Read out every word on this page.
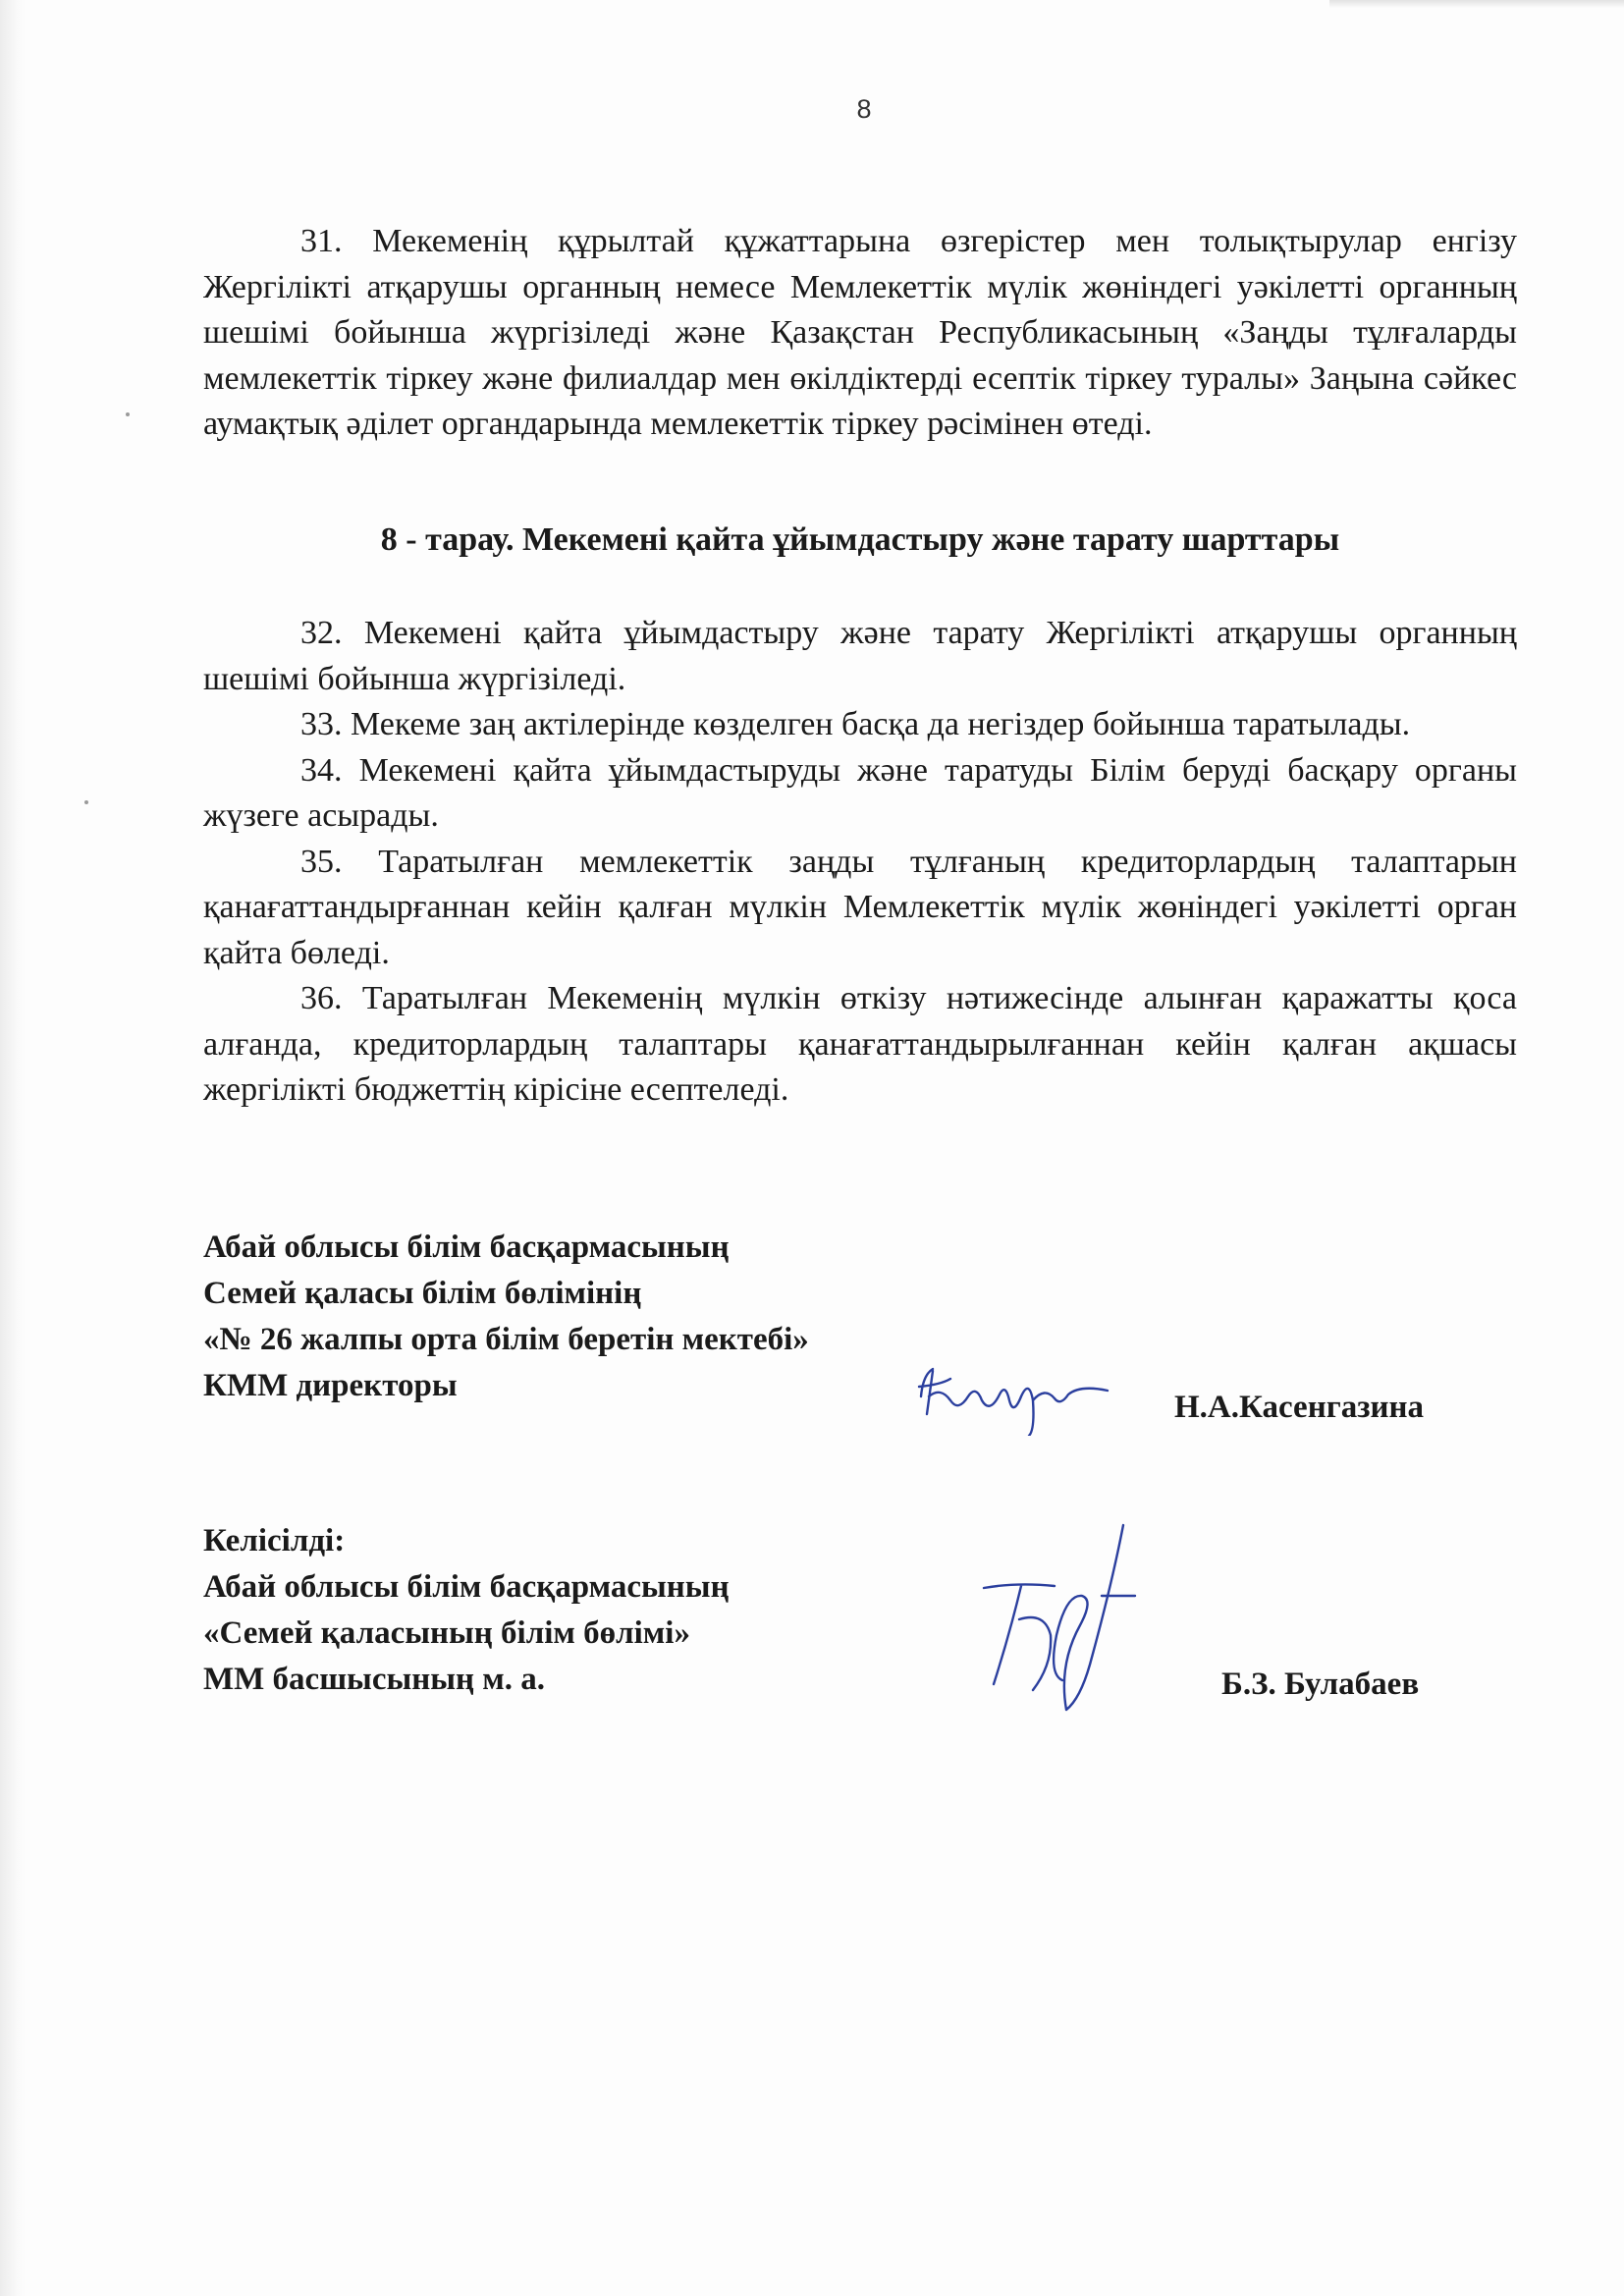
8

31. Мекеменің құрылтай құжаттарына өзгерістер мен толықтырулар енгізу Жергілікті атқарушы органның немесе Мемлекеттік мүлік жөніндегі уәкілетті органның шешімі бойынша жүргізіледі және Қазақстан Республикасының «Заңды тұлғаларды мемлекеттік тіркеу және филиалдар мен өкілдіктерді есептік тіркеу туралы» Заңына сәйкес аумақтық әділет органдарында мемлекеттік тіркеу рәсімінен өтеді.

8 - тарау. Мекемені қайта ұйымдастыру және тарату шарттары

32. Мекемені қайта ұйымдастыру және тарату Жергілікті атқарушы органның шешімі бойынша жүргізіледі.

33. Мекеме заң актілерінде көзделген басқа да негіздер бойынша таратылады.

34. Мекемені қайта ұйымдастыруды және таратуды Білім беруді басқару органы жүзеге асырады.

35. Таратылған мемлекеттік заңды тұлғаның кредиторлардың талаптарын қанағаттандырғаннан кейін қалған мүлкін Мемлекеттік мүлік жөніндегі уәкілетті орган қайта бөледі.

36. Таратылған Мекеменің мүлкін өткізу нәтижесінде алынған қаражатты қоса алғанда, кредиторлардың талаптары қанағаттандырылғаннан кейін қалған ақшасы жергілікті бюджеттің кірісіне есептеледі.

Абай облысы білім басқармасының
Семей қаласы білім бөлімінің
«№ 26 жалпы орта білім беретін мектебі»
КММ директоры
Н.А.Касенгазина
Келісілді:
Абай облысы білім басқармасының
«Семей қаласының білім бөлімі»
ММ басшысының м. а.	Б.З. Булабаев
